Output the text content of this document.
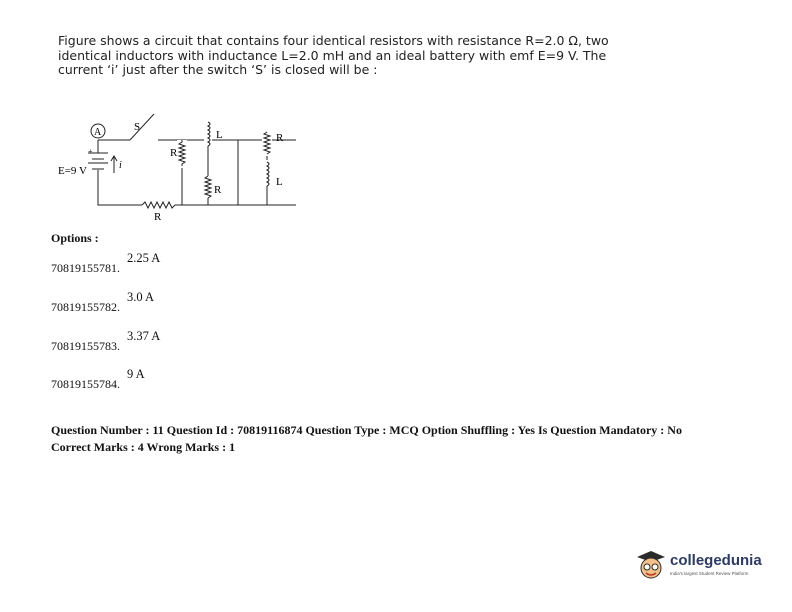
Figure shows a circuit that contains four identical resistors with resistance R=2.0 Ω, two
identical inductors with inductance L=2.0 mH and an ideal battery with emf E=9 V. The
current ‘i’ just after the switch ‘S’ is closed will be :
A	S
E=9 V
+
i
R
R
L
R
R
L
Options :
70819155781.
2.25 A
70819155782.
3.0 A
70819155783.
3.37 A
70819155784.
9 A
Question Number : 11 Question Id : 70819116874 Question Type : MCQ Option Shuffling : Yes Is Question Mandatory : No
Correct Marks : 4 Wrong Marks : 1
collegedunia
India's largest Student Review Platform
